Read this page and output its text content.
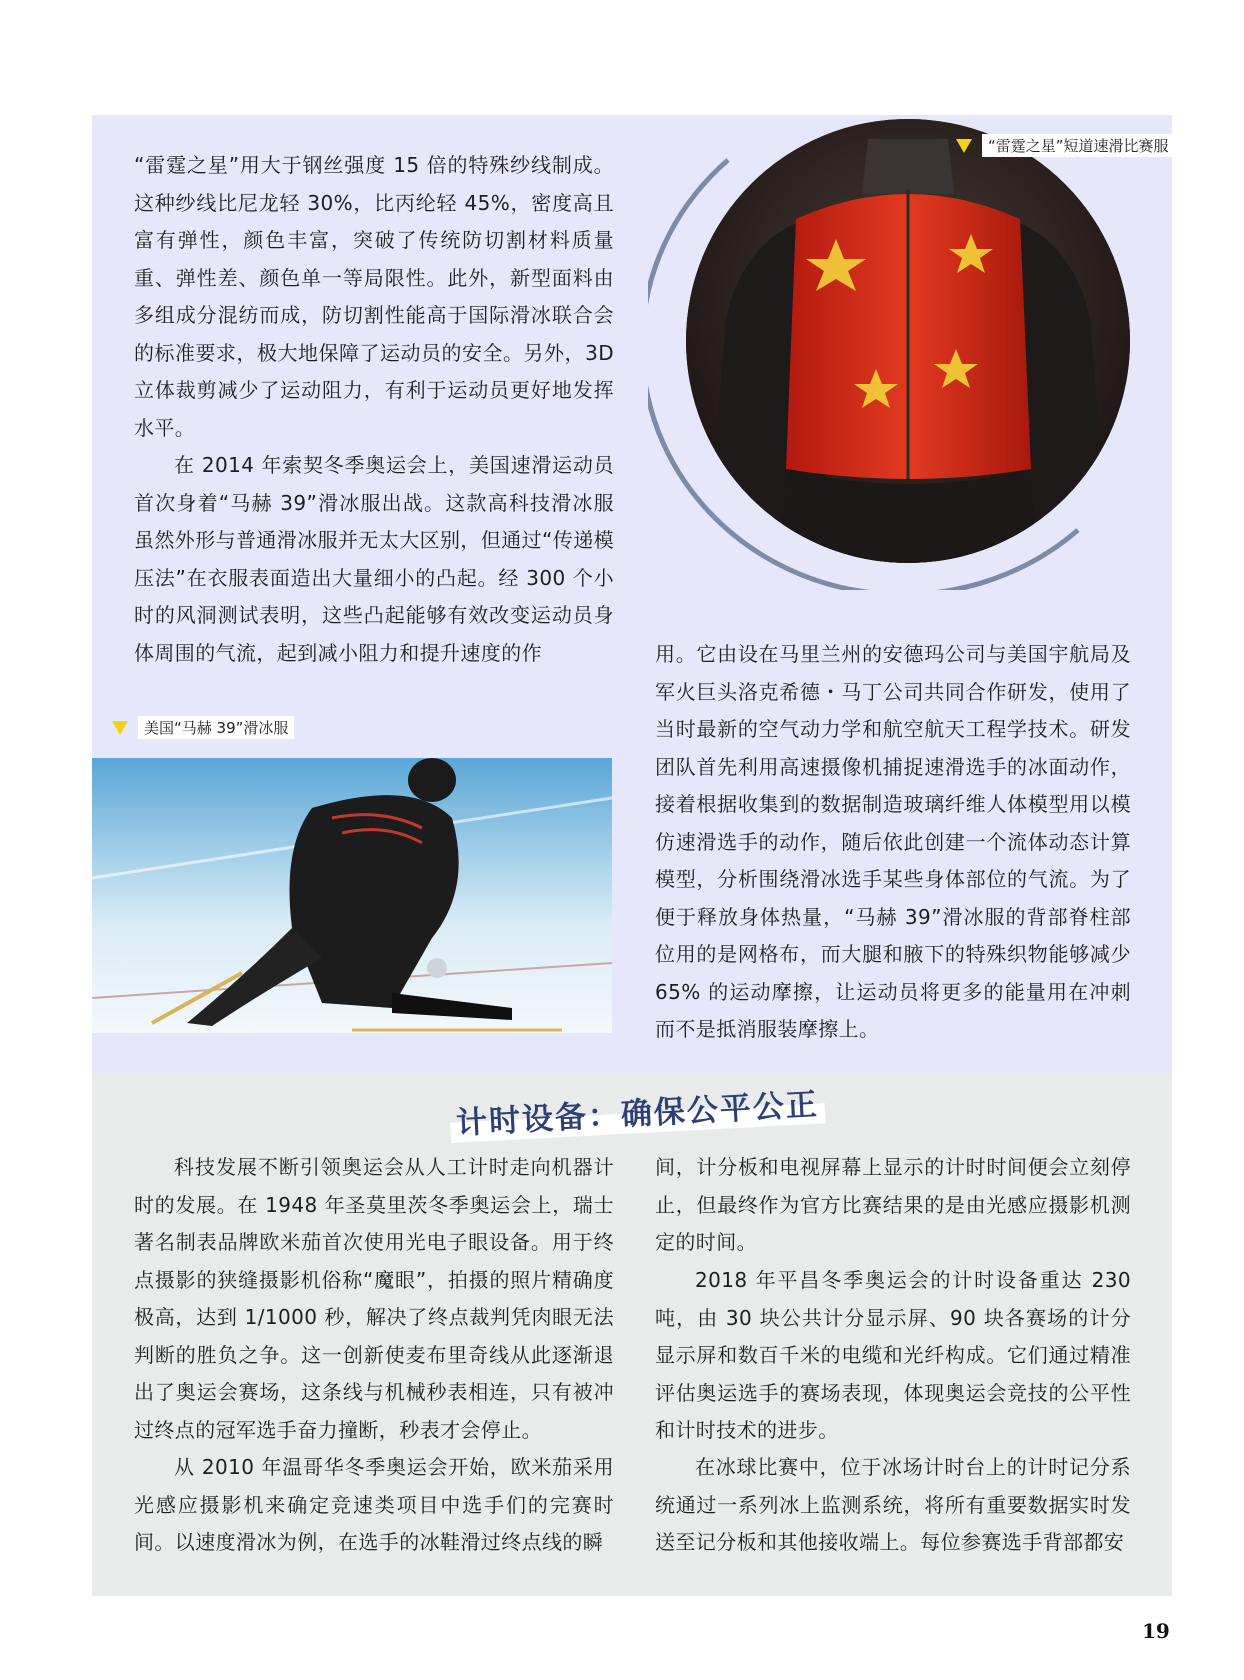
“雷霆之星”用大于钢丝强度 15 倍的特殊纱线制成。这种纱线比尼龙轻 30%，比丙纶轻 45%，密度高且富有弹性，颜色丰富，突破了传统防切割材料质量重、弹性差、颜色单一等局限性。此外，新型面料由多组成分混纺而成，防切割性能高于国际滑冰联合会的标准要求，极大地保障了运动员的安全。另外，3D 立体裁剪减少了运动阻力，有利于运动员更好地发挥水平。

在 2014 年索契冬季奥运会上，美国速滑运动员首次身着“马赫 39”滑冰服出战。这款高科技滑冰服虽然外形与普通滑冰服并无太大区别，但通过“传递模压法”在衣服表面造出大量细小的凸起。经 300 个小时的风洞测试表明，这些凸起能够有效改变运动员身体周围的气流，起到减小阻力和提升速度的作

“雷霆之星”短道速滑比赛服

用。它由设在马里兰州的安德玛公司与美国宇航局及军火巨头洛克希德・马丁公司共同合作研发，使用了当时最新的空气动力学和航空航天工程学技术。研发团队首先利用高速摄像机捕捉速滑选手的冰面动作，接着根据收集到的数据制造玻璃纤维人体模型用以模仿速滑选手的动作，随后依此创建一个流体动态计算模型，分析围绕滑冰选手某些身体部位的气流。为了便于释放身体热量，“马赫 39”滑冰服的背部脊柱部位用的是网格布，而大腿和腋下的特殊织物能够减少 65% 的运动摩擦，让运动员将更多的能量用在冲刺而不是抵消服装摩擦上。

美国“马赫 39”滑冰服
计时设备：确保公平公正

科技发展不断引领奥运会从人工计时走向机器计时的发展。在 1948 年圣莫里茨冬季奥运会上，瑞士著名制表品牌欧米茄首次使用光电子眼设备。用于终点摄影的狭缝摄影机俗称“魔眼”，拍摄的照片精确度极高，达到 1/1000 秒，解决了终点裁判凭肉眼无法判断的胜负之争。这一创新使麦布里奇线从此逐渐退出了奥运会赛场，这条线与机械秒表相连，只有被冲过终点的冠军选手奋力撞断，秒表才会停止。

从 2010 年温哥华冬季奥运会开始，欧米茄采用光感应摄影机来确定竞速类项目中选手们的完赛时间。以速度滑冰为例，在选手的冰鞋滑过终点线的瞬

间，计分板和电视屏幕上显示的计时时间便会立刻停止，但最终作为官方比赛结果的是由光感应摄影机测定的时间。

2018 年平昌冬季奥运会的计时设备重达 230 吨，由 30 块公共计分显示屏、90 块各赛场的计分显示屏和数百千米的电缆和光纤构成。它们通过精准评估奥运选手的赛场表现，体现奥运会竞技的公平性和计时技术的进步。

在冰球比赛中，位于冰场计时台上的计时记分系统通过一系列冰上监测系统，将所有重要数据实时发送至记分板和其他接收端上。每位参赛选手背部都安

19
